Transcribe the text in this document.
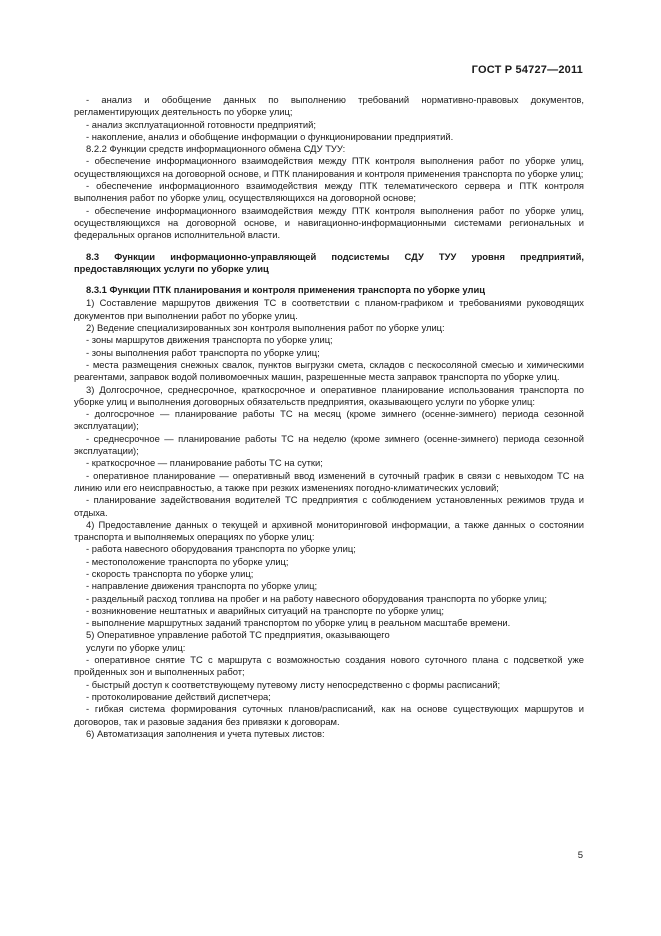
ГОСТ Р 54727—2011

- анализ и обобщение данных по выполнению требований нормативно-правовых документов, регламентирующих деятельность по уборке улиц;

- анализ эксплуатационной готовности предприятий;

- накопление, анализ и обобщение информации о функционировании предприятий.

8.2.2 Функции средств информационного обмена СДУ ТУУ:

- обеспечение информационного взаимодействия между ПТК контроля выполнения работ по уборке улиц, осуществляющихся на договорной основе, и ПТК планирования и контроля применения транспорта по уборке улиц;

- обеспечение информационного взаимодействия между ПТК телематического сервера и ПТК контроля выполнения работ по уборке улиц, осуществляющихся на договорной основе;

- обеспечение информационного взаимодействия между ПТК контроля выполнения работ по уборке улиц, осуществляющихся на договорной основе, и навигационно-информационными системами региональных и федеральных органов исполнительной власти.

8.3 Функции информационно-управляющей подсистемы СДУ ТУУ уровня предприятий, предоставляющих услуги по уборке улиц

8.3.1 Функции ПТК планирования и контроля применения транспорта по уборке улиц

1) Составление маршрутов движения ТС в соответствии с планом-графиком и требованиями руководящих документов при выполнении работ по уборке улиц.

2) Ведение специализированных зон контроля выполнения работ по уборке улиц:

- зоны маршрутов движения транспорта по уборке улиц;

- зоны выполнения работ транспорта по уборке улиц;

- места размещения снежных свалок, пунктов выгрузки смета, складов с пескосоляной смесью и химическими реагентами, заправок водой поливомоечных машин, разрешенные места заправок транспорта по уборке улиц.

3) Долгосрочное, среднесрочное, краткосрочное и оперативное планирование использования транспорта по уборке улиц и выполнения договорных обязательств предприятия, оказывающего услуги по уборке улиц:

- долгосрочное — планирование работы ТС на месяц (кроме зимнего (осенне-зимнего) периода сезонной эксплуатации);

- среднесрочное — планирование работы ТС на неделю (кроме зимнего (осенне-зимнего) периода сезонной эксплуатации);

- краткосрочное — планирование работы ТС на сутки;

- оперативное планирование — оперативный ввод изменений в суточный график в связи с невыходом ТС на линию или его неисправностью, а также при резких изменениях погодно-климатических условий;

- планирование задействования водителей ТС предприятия с соблюдением установленных режимов труда и отдыха.

4) Предоставление данных о текущей и архивной мониторинговой информации, а также данных о состоянии транспорта и выполняемых операциях по уборке улиц:

- работа навесного оборудования транспорта по уборке улиц;

- местоположение транспорта по уборке улиц;

- скорость транспорта по уборке улиц;

- направление движения транспорта по уборке улиц;

- раздельный расход топлива на пробег и на работу навесного оборудования транспорта по уборке улиц;

- возникновение нештатных и аварийных ситуаций на транспорте по уборке улиц;

- выполнение маршрутных заданий транспортом по уборке улиц в реальном масштабе времени.

5) Оперативное управление работой ТС предприятия, оказывающего

услуги по уборке улиц:

- оперативное снятие ТС с маршрута с возможностью создания нового суточного плана с подсветкой уже пройденных зон и выполненных работ;

- быстрый доступ к соответствующему путевому листу непосредственно с формы расписаний;

- протоколирование действий диспетчера;

- гибкая система формирования суточных планов/расписаний, как на основе существующих маршрутов и договоров, так и разовые задания без привязки к договорам.

6) Автоматизация заполнения и учета путевых листов:

5
